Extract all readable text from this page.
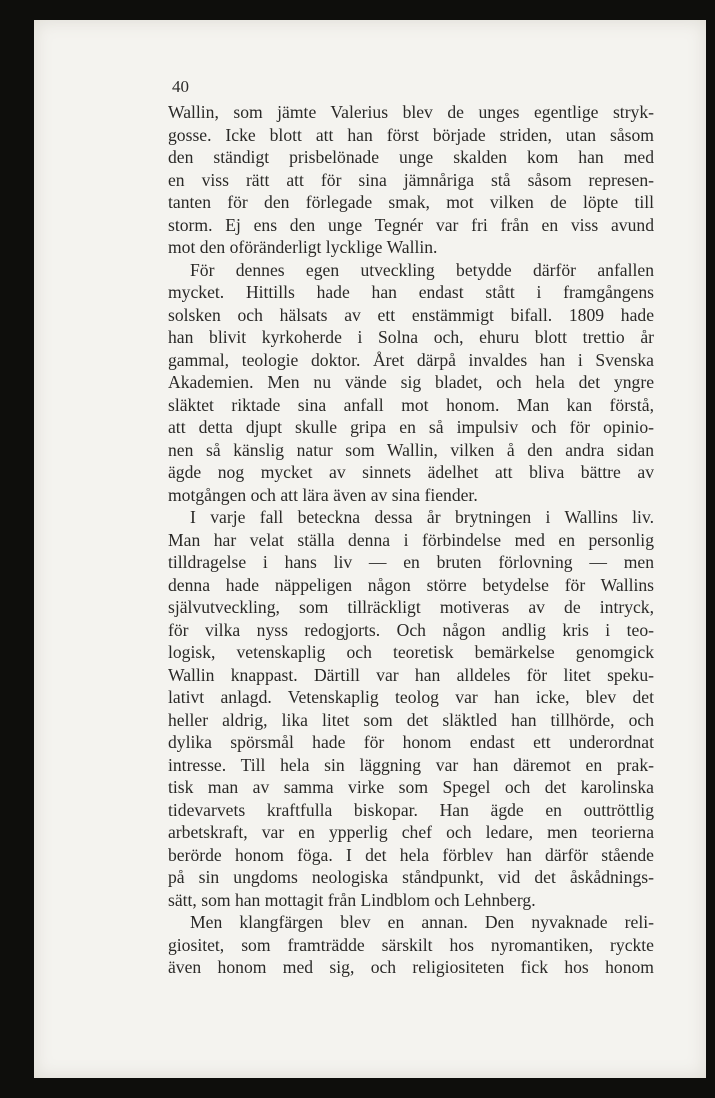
40
Wallin, som jämte Valerius blev de unges egentlige stryk-
gosse. Icke blott att han först började striden, utan såsom
den ständigt prisbelönade unge skalden kom han med
en viss rätt att för sina jämnåriga stå såsom represen-
tanten för den förlegade smak, mot vilken de löpte till
storm. Ej ens den unge Tegnér var fri från en viss avund
mot den oföränderligt lycklige Wallin.
För dennes egen utveckling betydde därför anfallen
mycket. Hittills hade han endast stått i framgångens
solsken och hälsats av ett enstämmigt bifall. 1809 hade
han blivit kyrkoherde i Solna och, ehuru blott trettio år
gammal, teologie doktor. Året därpå invaldes han i Svenska
Akademien. Men nu vände sig bladet, och hela det yngre
släktet riktade sina anfall mot honom. Man kan förstå,
att detta djupt skulle gripa en så impulsiv och för opinio-
nen så känslig natur som Wallin, vilken å den andra sidan
ägde nog mycket av sinnets ädelhet att bliva bättre av
motgången och att lära även av sina fiender.
I varje fall beteckna dessa år brytningen i Wallins liv.
Man har velat ställa denna i förbindelse med en personlig
tilldragelse i hans liv — en bruten förlovning — men
denna hade näppeligen någon större betydelse för Wallins
självutveckling, som tillräckligt motiveras av de intryck,
för vilka nyss redogjorts. Och någon andlig kris i teo-
logisk, vetenskaplig och teoretisk bemärkelse genomgick
Wallin knappast. Därtill var han alldeles för litet speku-
lativt anlagd. Vetenskaplig teolog var han icke, blev det
heller aldrig, lika litet som det släktled han tillhörde, och
dylika spörsmål hade för honom endast ett underordnat
intresse. Till hela sin läggning var han däremot en prak-
tisk man av samma virke som Spegel och det karolinska
tidevarvets kraftfulla biskopar. Han ägde en outtröttlig
arbetskraft, var en ypperlig chef och ledare, men teorierna
berörde honom föga. I det hela förblev han därför stående
på sin ungdoms neologiska ståndpunkt, vid det åskådnings-
sätt, som han mottagit från Lindblom och Lehnberg.
Men klangfärgen blev en annan. Den nyvaknade reli-
giositet, som framträdde särskilt hos nyromantiken, ryckte
även honom med sig, och religiositeten fick hos honom
